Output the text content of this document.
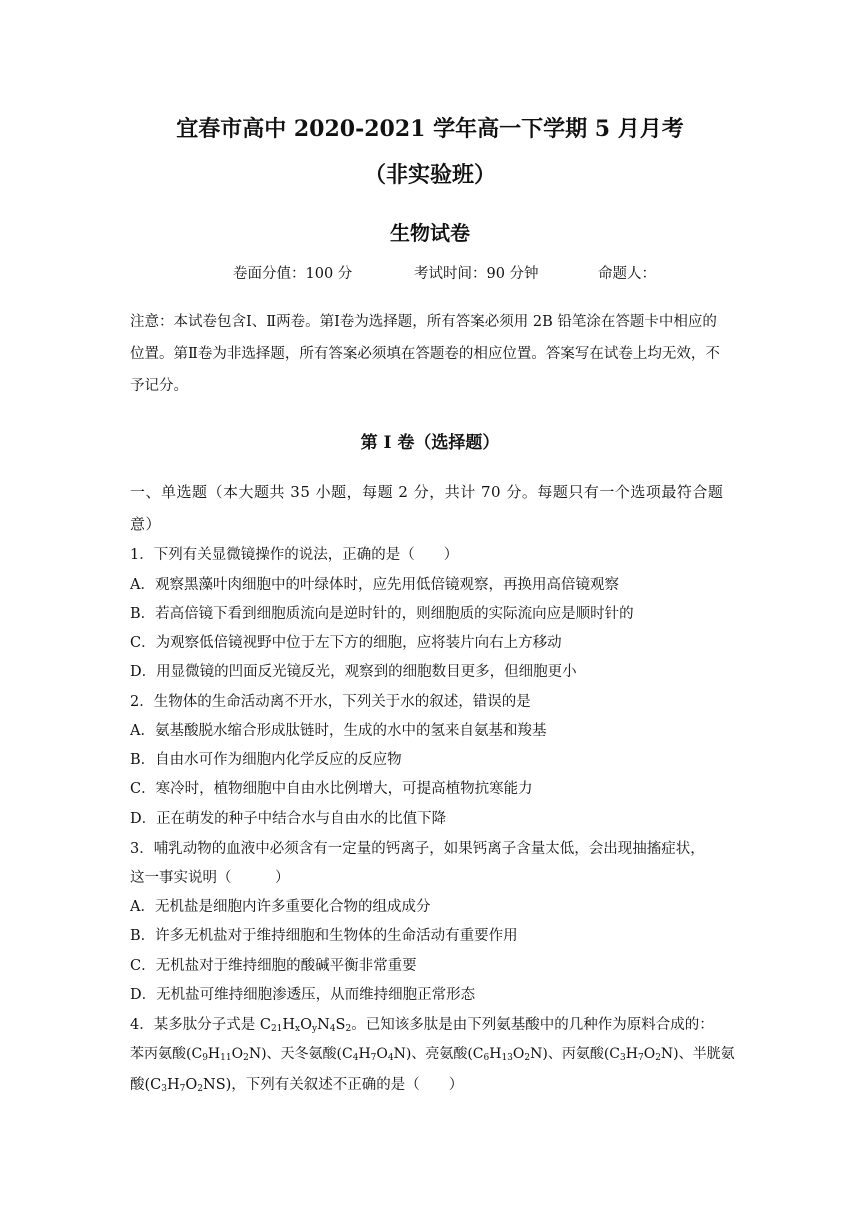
宜春市高中 2020-2021 学年高一下学期 5 月月考
（非实验班）
生物试卷
卷面分值：100 分	考试时间：90 分钟	命题人：
注意：本试卷包含Ⅰ、Ⅱ两卷。第Ⅰ卷为选择题，所有答案必须用 2B 铅笔涂在答题卡中相应的位置。第Ⅱ卷为非选择题，所有答案必须填在答题卷的相应位置。答案写在试卷上均无效，不予记分。
第 I 卷（选择题）
一、单选题（本大题共 35 小题，每题 2 分，共计 70 分。每题只有一个选项最符合题意）
1．下列有关显微镜操作的说法，正确的是（　　）
A．观察黑藻叶肉细胞中的叶绿体时，应先用低倍镜观察，再换用高倍镜观察
B．若高倍镜下看到细胞质流向是逆时针的，则细胞质的实际流向应是顺时针的
C．为观察低倍镜视野中位于左下方的细胞，应将装片向右上方移动
D．用显微镜的凹面反光镜反光，观察到的细胞数目更多，但细胞更小
2．生物体的生命活动离不开水，下列关于水的叙述，错误的是
A．氨基酸脱水缩合形成肽链时，生成的水中的氢来自氨基和羧基
B．自由水可作为细胞内化学反应的反应物
C．寒冷时，植物细胞中自由水比例增大，可提高植物抗寒能力
D．正在萌发的种子中结合水与自由水的比值下降
3．哺乳动物的血液中必须含有一定量的钙离子，如果钙离子含量太低，会出现抽搐症状，
这一事实说明（　　　）
A．无机盐是细胞内许多重要化合物的组成成分
B．许多无机盐对于维持细胞和生物体的生命活动有重要作用
C．无机盐对于维持细胞的酸碱平衡非常重要
D．无机盐可维持细胞渗透压，从而维持细胞正常形态
4．某多肽分子式是 $C_{21}H_xO_yN_4S_2$。已知该多肽是由下列氨基酸中的几种作为原料合成的：
苯丙氨酸$(C_9H_{11}O_2N)$、天冬氨酸$(C_4H_7O_4N)$、亮氨酸$(C_6H_{13}O_2N)$、丙氨酸$(C_3H_7O_2N)$、半胱氨
酸$(C_3H_7O_2NS)$，下列有关叙述不正确的是（　　）
